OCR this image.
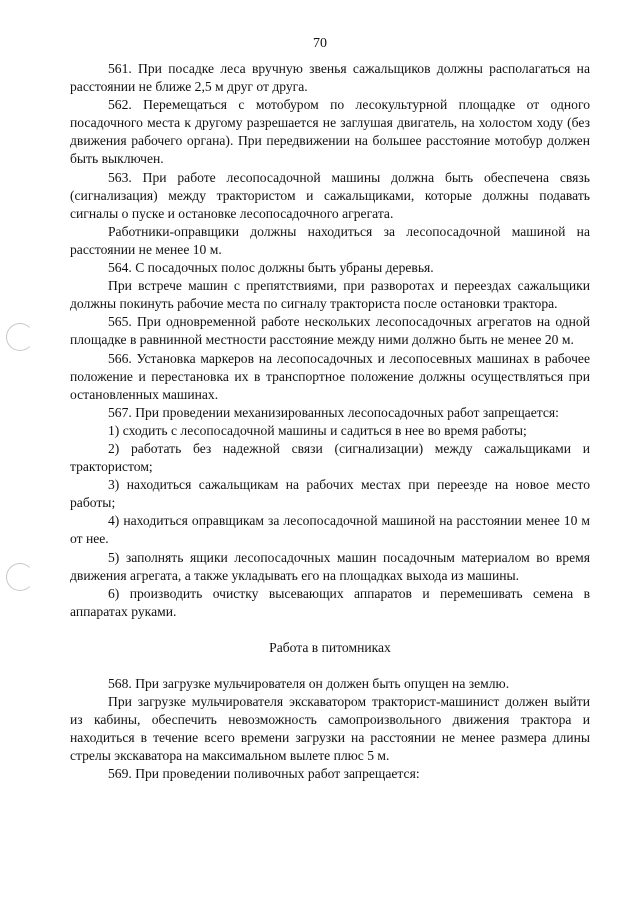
70

561. При посадке леса вручную звенья сажальщиков должны располагаться на расстоянии не ближе 2,5 м друг от друга.

562. Перемещаться с мотобуром по лесокультурной площадке от одного посадочного места к другому разрешается не заглушая двигатель, на холостом ходу (без движения рабочего органа). При передвижении на большее расстояние мотобур должен быть выключен.

563. При работе лесопосадочной машины должна быть обеспечена связь (сигнализация) между трактористом и сажальщиками, которые должны подавать сигналы о пуске и остановке лесопосадочного агрегата.

Работники-оправщики должны находиться за лесопосадочной машиной на расстоянии не менее 10 м.

564. С посадочных полос должны быть убраны деревья.

При встрече машин с препятствиями, при разворотах и переездах сажальщики должны покинуть рабочие места по сигналу тракториста после остановки трактора.

565. При одновременной работе нескольких лесопосадочных агрегатов на одной площадке в равнинной местности расстояние между ними должно быть не менее 20 м.

566. Установка маркеров на лесопосадочных и лесопосевных машинах в рабочее положение и перестановка их в транспортное положение должны осуществляться при остановленных машинах.

567. При проведении механизированных лесопосадочных работ запрещается:

1) сходить с лесопосадочной машины и садиться в нее во время работы;

2) работать без надежной связи (сигнализации) между сажальщиками и трактористом;

3) находиться сажальщикам на рабочих местах при переезде на новое место работы;

4) находиться оправщикам за лесопосадочной машиной на расстоянии менее 10 м от нее.

5) заполнять ящики лесопосадочных машин посадочным материалом во время движения агрегата, а также укладывать его на площадках выхода из машины.

6) производить очистку высевающих аппаратов и перемешивать семена в аппаратах руками.

Работа в питомниках

568. При загрузке мульчирователя он должен быть опущен на землю.

При загрузке мульчирователя экскаватором тракторист-машинист должен выйти из кабины, обеспечить невозможность самопроизвольного движения трактора и находиться в течение всего времени загрузки на расстоянии не менее размера длины стрелы экскаватора на максимальном вылете плюс 5 м.

569. При проведении поливочных работ запрещается:
